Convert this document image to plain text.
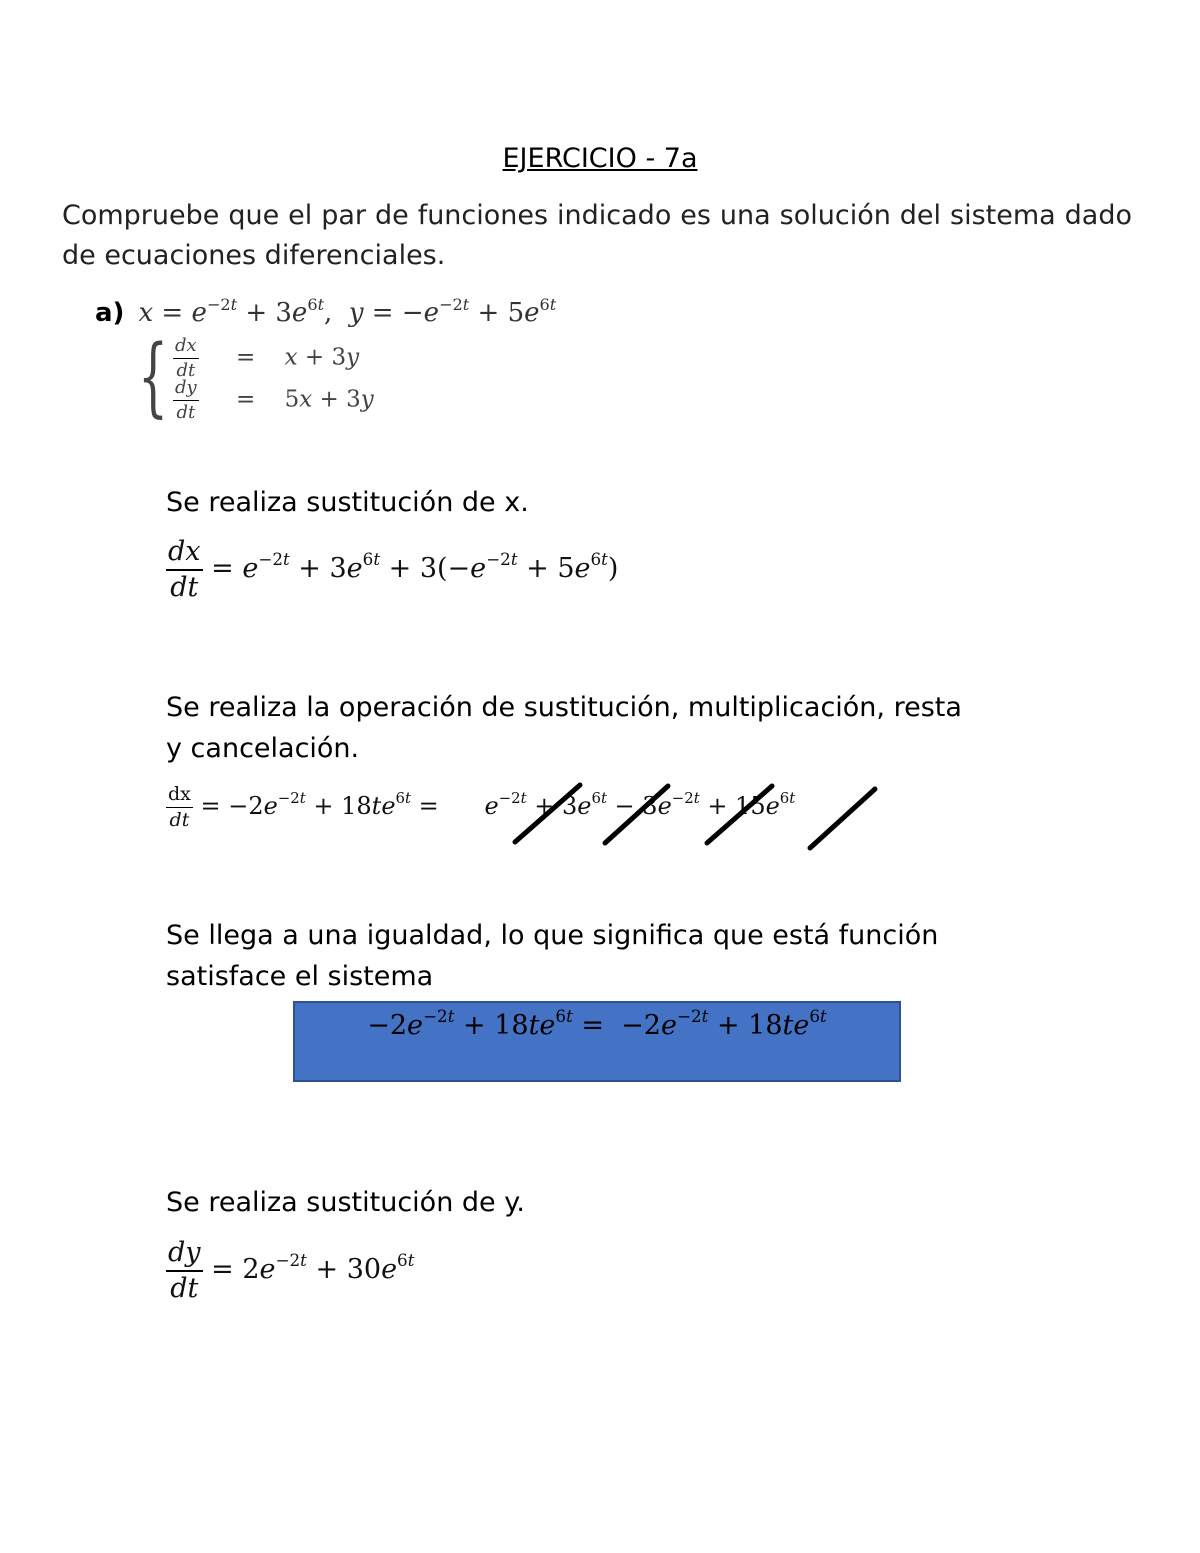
EJERCICIO - 7a
Compruebe que el par de funciones indicado es una solución del sistema dado de ecuaciones diferenciales.
a) $x = e^{-2t} + 3e^{6t}$,  $y = -e^{-2t} + 5e^{6t}$
{ $\frac{dx}{dt} = x + 3y$
$\frac{dy}{dt} = 5x + 3y$
Se realiza sustitución de x.
$\frac{dx}{dt} = e^{-2t} + 3e^{6t} + 3(-e^{-2t} + 5e^{6t})$
Se realiza la operación de sustitución, multiplicación, resta y cancelación.
$\frac{dx}{dt} = -2e^{-2t} + 18te^{6t}$ =      $e^{-2t} + 3e^{6t} - 3e^{-2t} + 15e^{6t}$
Se llega a una igualdad, lo que significa que está función satisface el sistema
$-2e^{-2t} + 18te^{6t} = -2e^{-2t} + 18te^{6t}$
Se realiza sustitución de y.
$\frac{dy}{dt} = 2e^{-2t} + 30e^{6t}$
